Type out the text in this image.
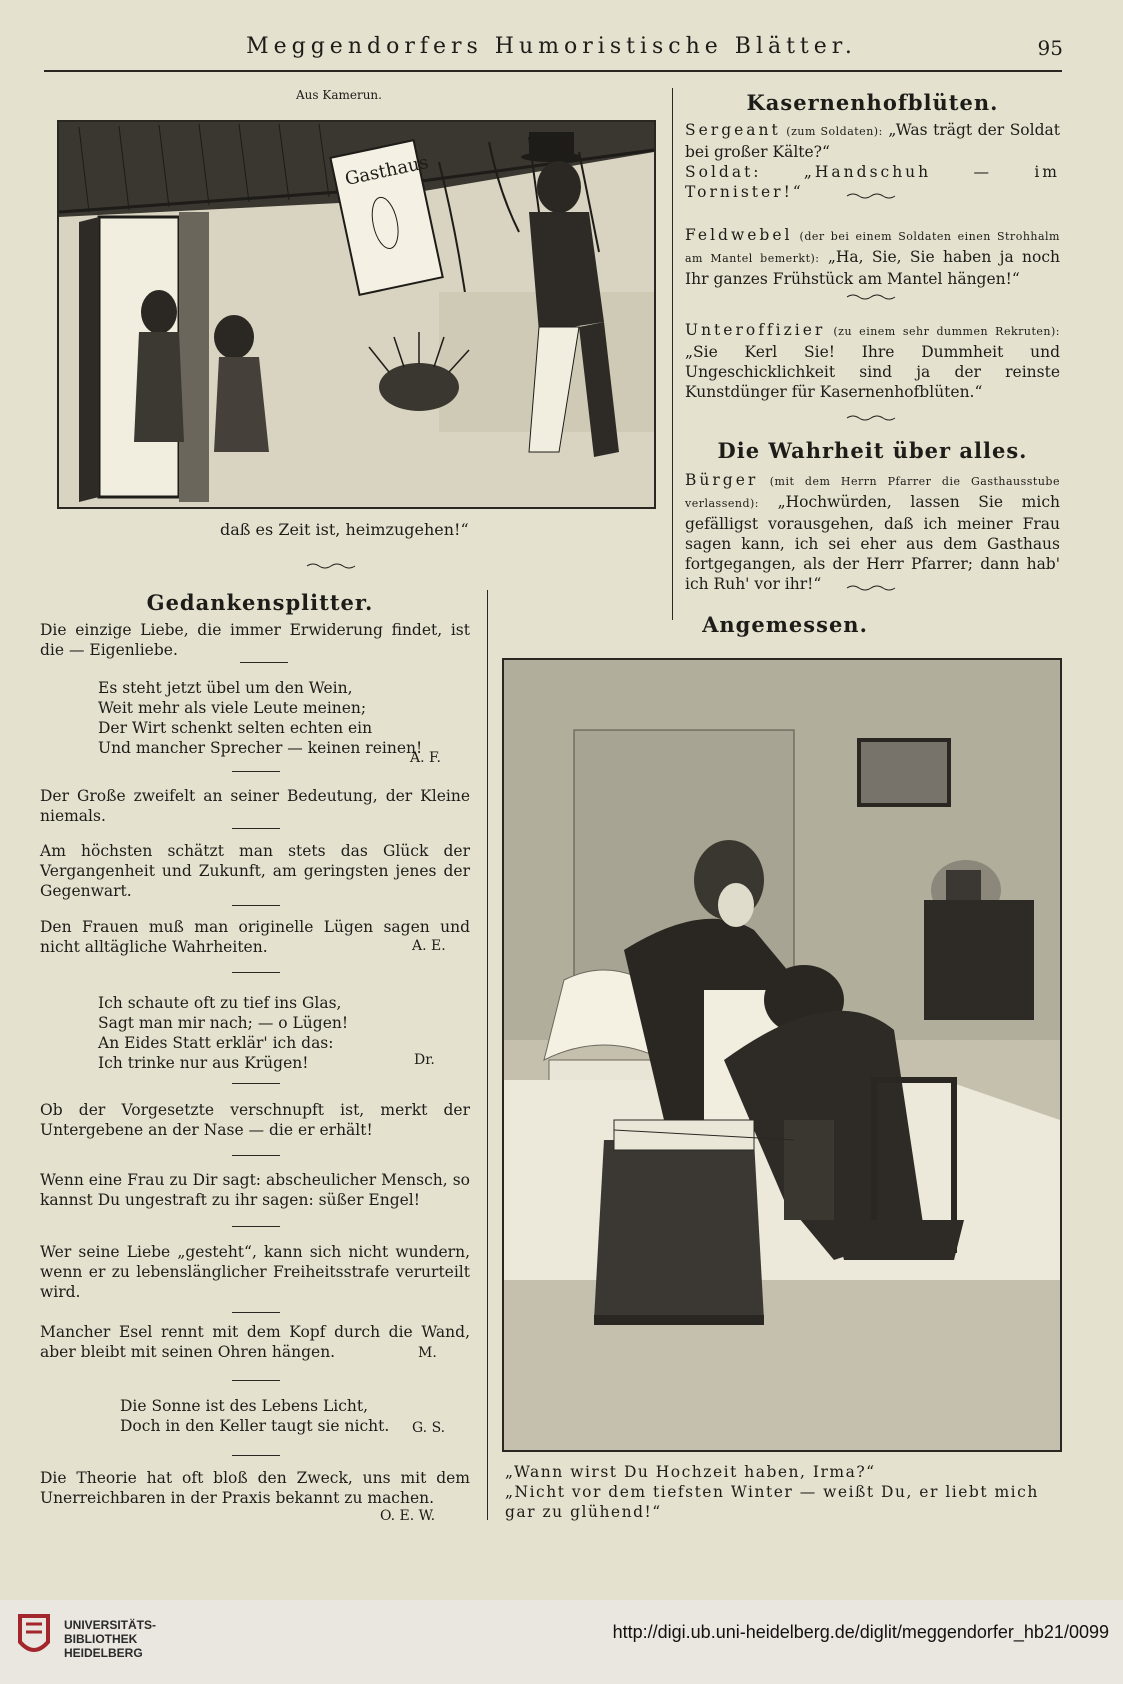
Meggendorfers Humoristische Blätter.	95
Aus Kamerun.
Gasthaus
daß es Zeit ist, heimzugehen!“
Kasernenhofblüten.

Sergeant (zum Soldaten): „Was trägt der Soldat bei großer Kälte?“

Soldat: „Handschuh — im Tornister!“

Feldwebel (der bei einem Soldaten einen Strohhalm am Mantel bemerkt): „Ha, Sie, Sie haben ja noch Ihr ganzes Frühstück am Mantel hängen!“

Unteroffizier (zu einem sehr dummen Rekruten): „Sie Kerl Sie! Ihre Dummheit und Ungeschicklichkeit sind ja der reinste Kunstdünger für Kasernenhofblüten.“

Die Wahrheit über alles.

Bürger (mit dem Herrn Pfarrer die Gasthausstube verlassend): „Hochwürden, lassen Sie mich gefälligst vorausgehen, daß ich meiner Frau sagen kann, ich sei eher aus dem Gasthaus fortgegangen, als der Herr Pfarrer; dann hab' ich Ruh' vor ihr!“

Gedankensplitter.
Die einzige Liebe, die immer Erwiderung findet, ist die — Eigenliebe.
Es steht jetzt übel um den Wein,
Weit mehr als viele Leute meinen;
Der Wirt schenkt selten echten ein
Und mancher Sprecher — keinen reinen!
A. F.
Der Große zweifelt an seiner Bedeutung, der Kleine niemals.
Am höchsten schätzt man stets das Glück der Vergangenheit und Zukunft, am geringsten jenes der Gegenwart.
Den Frauen muß man originelle Lügen sagen und nicht alltägliche Wahrheiten.	A. E.
Ich schaute oft zu tief ins Glas,
Sagt man mir nach; — o Lügen!
An Eides Statt erklär' ich das:
Ich trinke nur aus Krügen!	Dr.
Ob der Vorgesetzte verschnupft ist, merkt der Untergebene an der Nase — die er erhält!
Wenn eine Frau zu Dir sagt: abscheulicher Mensch, so kannst Du ungestraft zu ihr sagen: süßer Engel!
Wer seine Liebe „gesteht“, kann sich nicht wundern, wenn er zu lebenslänglicher Freiheitsstrafe verurteilt wird.
Mancher Esel rennt mit dem Kopf durch die Wand, aber bleibt mit seinen Ohren hängen.	M.
Die Sonne ist des Lebens Licht,
Doch in den Keller taugt sie nicht. G. S.
Die Theorie hat oft bloß den Zweck, uns mit dem Unerreichbaren in der Praxis bekannt zu machen.
O. E. W.
Angemessen.

„Wann wirst Du Hochzeit haben, Irma?“

„Nicht vor dem tiefsten Winter — weißt Du, er liebt mich gar zu glühend!“

UNIVERSITÄTS-
BIBLIOTHEK
HEIDELBERG
http://digi.ub.uni-heidelberg.de/diglit/meggendorfer_hb21/0099
